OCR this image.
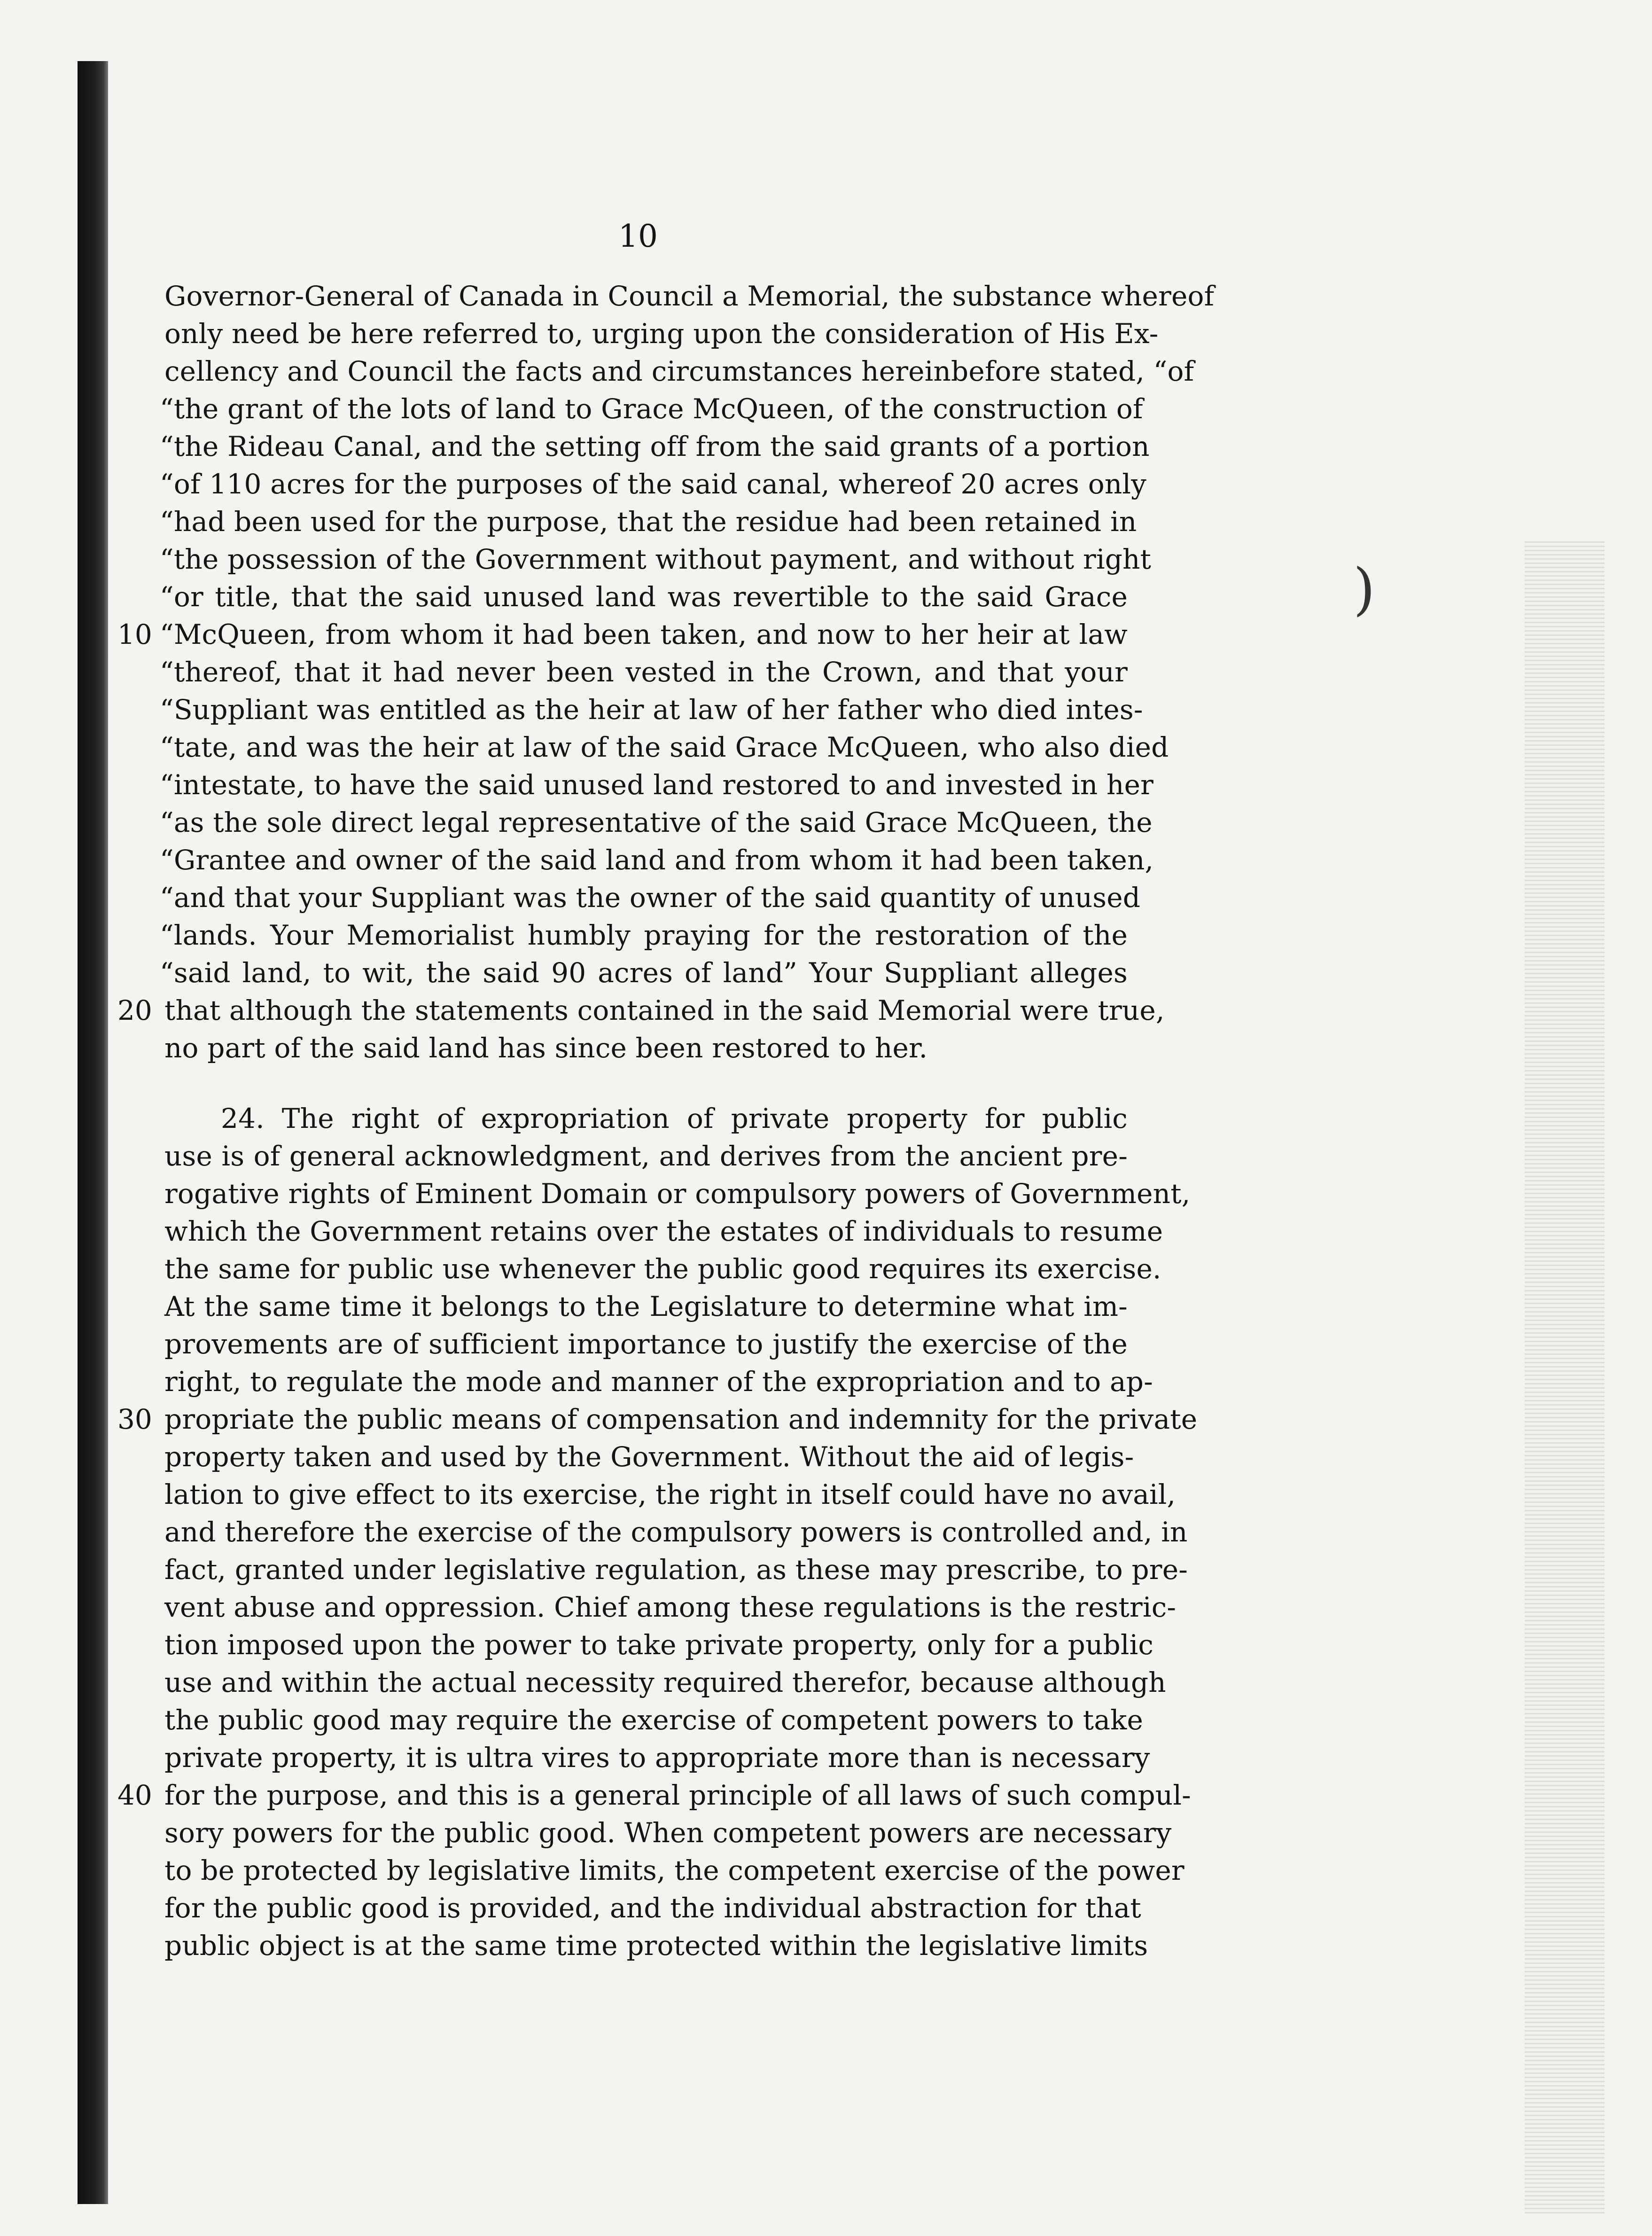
10
)
Governor-General of Canada in Council a Memorial, the substance whereof
only need be here referred to, urging upon the consideration of His Ex-
cellency and Council the facts and circumstances hereinbefore stated, “of
“the grant of the lots of land to Grace McQueen, of the construction of
“the Rideau Canal, and the setting off from the said grants of a portion
“of 110 acres for the purposes of the said canal, whereof 20 acres only
“had been used for the purpose, that the residue had been retained in
“the possession of the Government without payment, and without right
“or title, that the said unused land was revertible to the said Grace
10 “McQueen, from whom it had been taken, and now to her heir at law
“thereof, that it had never been vested in the Crown, and that your
“Suppliant was entitled as the heir at law of her father who died intes-
“tate, and was the heir at law of the said Grace McQueen, who also died
“intestate, to have the said unused land restored to and invested in her
“as the sole direct legal representative of the said Grace McQueen, the
“Grantee and owner of the said land and from whom it had been taken,
“and that your Suppliant was the owner of the said quantity of unused
“lands. Your Memorialist humbly praying for the restoration of the
“said land, to wit, the said 90 acres of land” Your Suppliant alleges
20 that although the statements contained in the said Memorial were true,
no part of the said land has since been restored to her.
24. The right of expropriation of private property for public
use is of general acknowledgment, and derives from the ancient pre-
rogative rights of Eminent Domain or compulsory powers of Government,
which the Government retains over the estates of individuals to resume
the same for public use whenever the public good requires its exercise.
At the same time it belongs to the Legislature to determine what im-
provements are of sufficient importance to justify the exercise of the
right, to regulate the mode and manner of the expropriation and to ap-
30 propriate the public means of compensation and indemnity for the private
property taken and used by the Government. Without the aid of legis-
lation to give effect to its exercise, the right in itself could have no avail,
and therefore the exercise of the compulsory powers is controlled and, in
fact, granted under legislative regulation, as these may prescribe, to pre-
vent abuse and oppression. Chief among these regulations is the restric-
tion imposed upon the power to take private property, only for a public
use and within the actual necessity required therefor, because although
the public good may require the exercise of competent powers to take
private property, it is ultra vires to appropriate more than is necessary
40 for the purpose, and this is a general principle of all laws of such compul-
sory powers for the public good. When competent powers are necessary
to be protected by legislative limits, the competent exercise of the power
for the public good is provided, and the individual abstraction for that
public object is at the same time protected within the legislative limits
